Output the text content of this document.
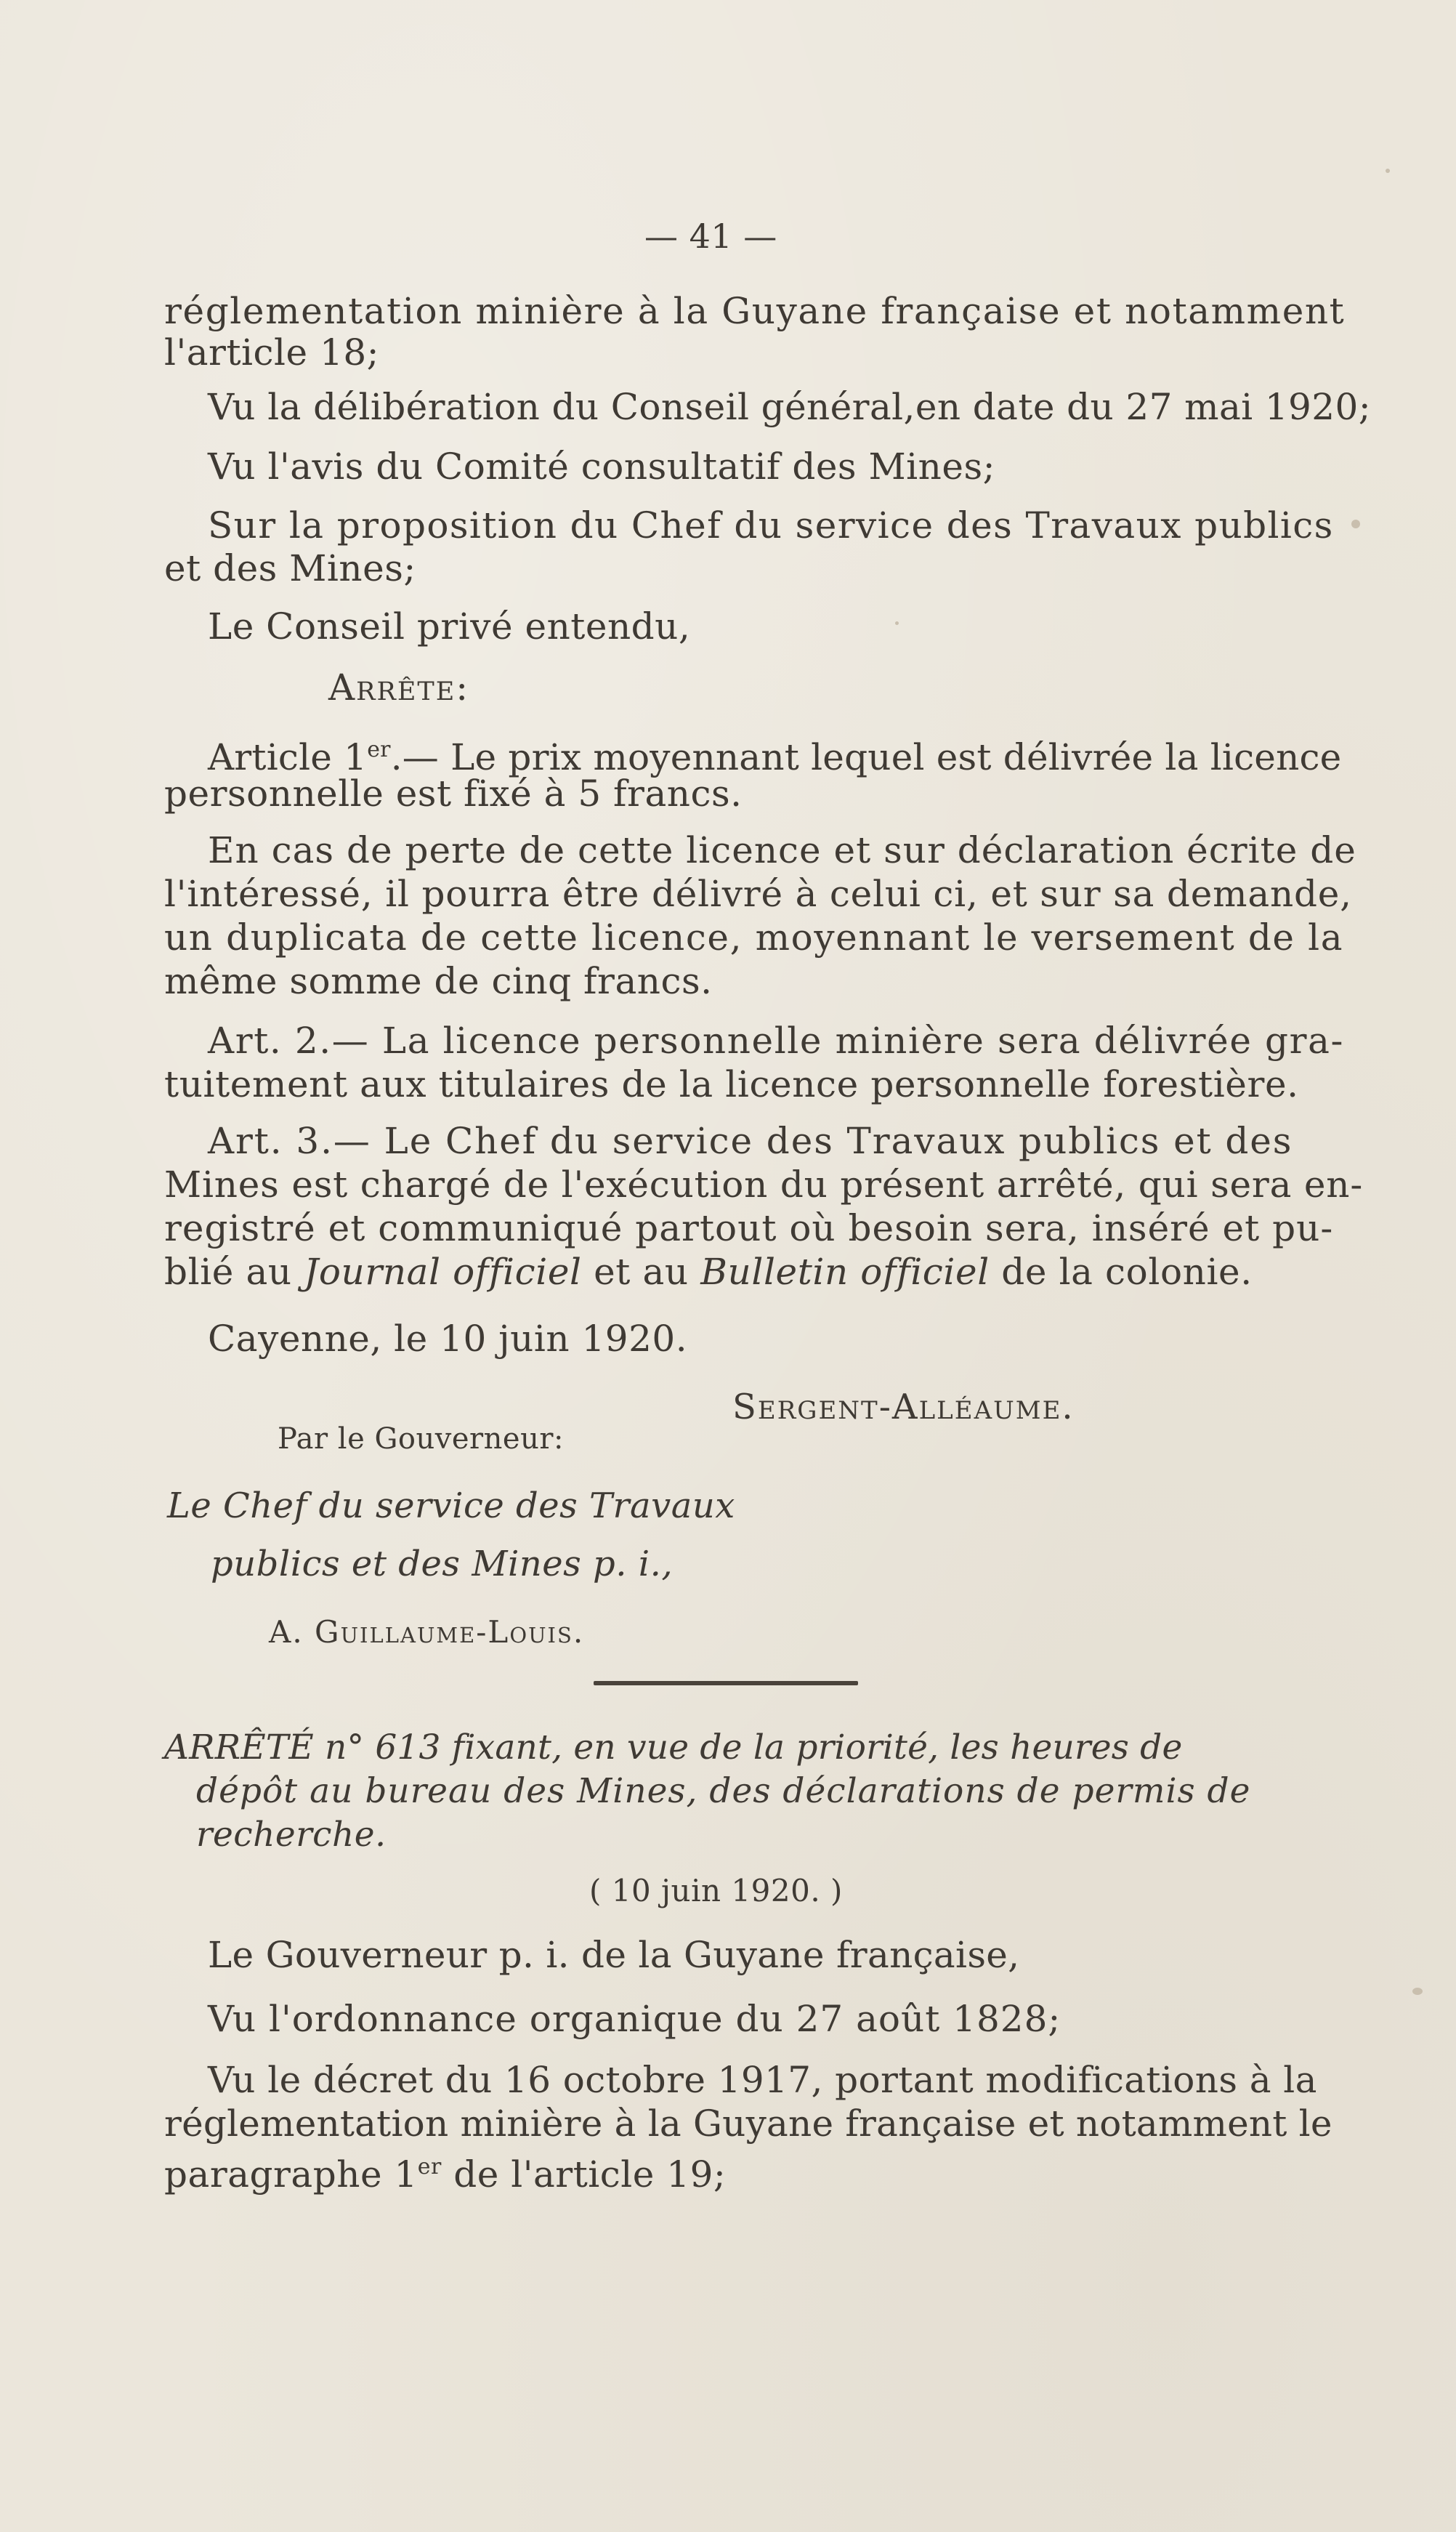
— 41 —
réglementation minière à la Guyane française et notamment
l'article 18;
Vu la délibération du Conseil général,en date du 27 mai 1920;
Vu l'avis du Comité consultatif des Mines;
Sur la proposition du Chef du service des Travaux publics
et des Mines;
Le Conseil privé entendu,
Arrête:
Article 1er.— Le prix moyennant lequel est délivrée la licence
personnelle est fixé à 5 francs.
En cas de perte de cette licence et sur déclaration écrite de
l'intéressé, il pourra être délivré à celui ci, et sur sa demande,
un duplicata de cette licence, moyennant le versement de la
même somme de cinq francs.
Art. 2.— La licence personnelle minière sera délivrée gra-
tuitement aux titulaires de la licence personnelle forestière.
Art. 3.— Le Chef du service des Travaux publics et des
Mines est chargé de l'exécution du présent arrêté, qui sera en-
registré et communiqué partout où besoin sera, inséré et pu-
blié au Journal officiel et au Bulletin officiel de la colonie.
Cayenne, le 10 juin 1920.
Sergent-Alléaume.
Par le Gouverneur:
Le Chef du service des Travaux
publics et des Mines p. i.,
A. Guillaume-Louis.
ARRÊTÉ n° 613 fixant, en vue de la priorité, les heures de
dépôt au bureau des Mines, des déclarations de permis de
recherche.
( 10 juin 1920. )
Le Gouverneur p. i. de la Guyane française,
Vu l'ordonnance organique du 27 août 1828;
Vu le décret du 16 octobre 1917, portant modifications à la
réglementation minière à la Guyane française et notamment le
paragraphe 1er de l'article 19;
